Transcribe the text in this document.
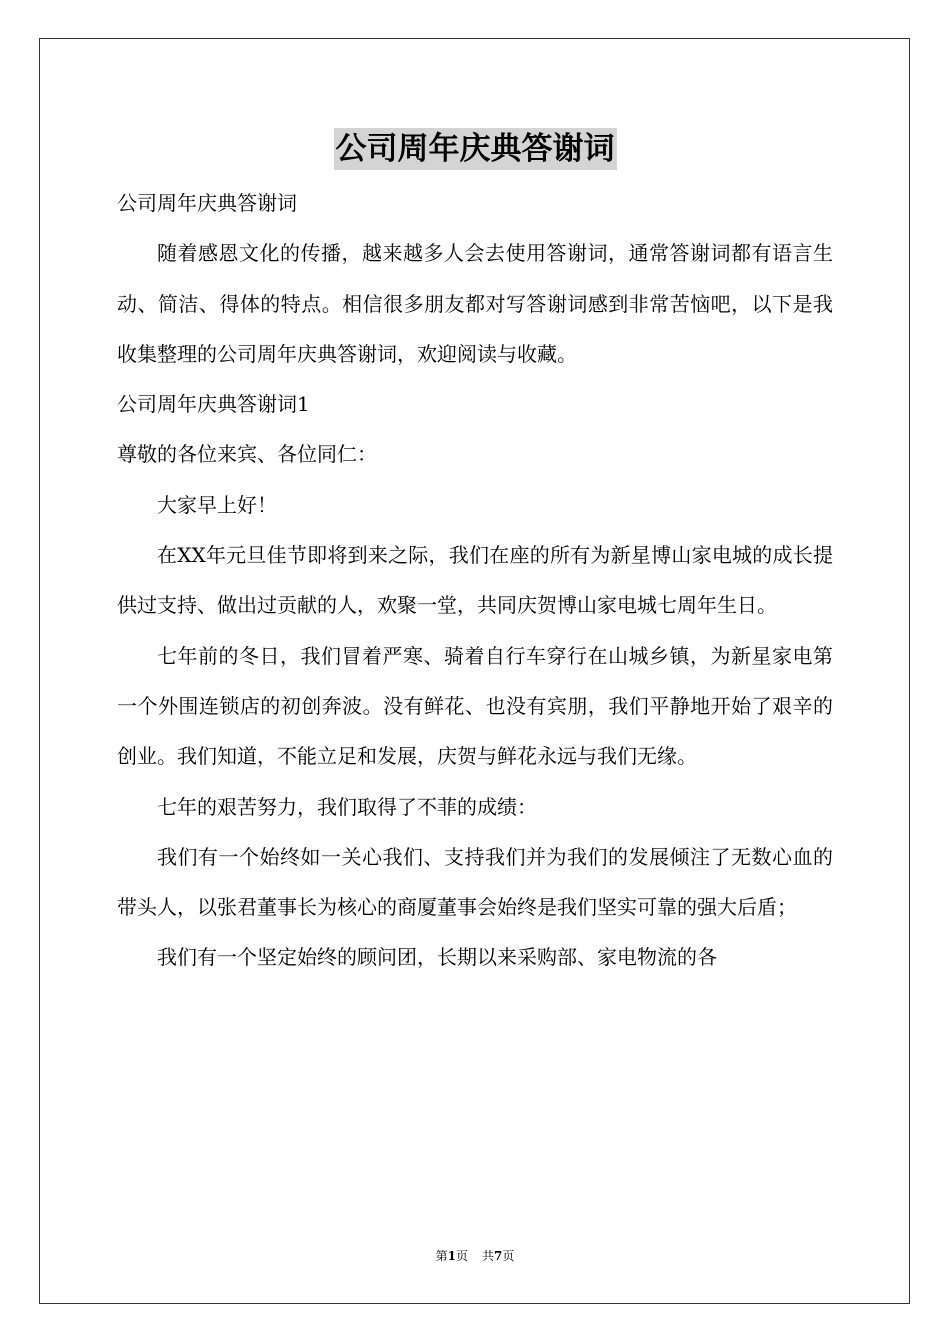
公司周年庆典答谢词

公司周年庆典答谢词

随着感恩文化的传播，越来越多人会去使用答谢词，通常答谢词都有语言生动、简洁、得体的特点。相信很多朋友都对写答谢词感到非常苦恼吧，以下是我收集整理的公司周年庆典答谢词，欢迎阅读与收藏。

公司周年庆典答谢词1

尊敬的各位来宾、各位同仁：

大家早上好！

在XX年元旦佳节即将到来之际，我们在座的所有为新星博山家电城的成长提供过支持、做出过贡献的人，欢聚一堂，共同庆贺博山家电城七周年生日。

七年前的冬日，我们冒着严寒、骑着自行车穿行在山城乡镇，为新星家电第一个外围连锁店的初创奔波。没有鲜花、也没有宾朋，我们平静地开始了艰辛的创业。我们知道，不能立足和发展，庆贺与鲜花永远与我们无缘。

七年的艰苦努力，我们取得了不菲的成绩：

我们有一个始终如一关心我们、支持我们并为我们的发展倾注了无数心血的带头人，以张君董事长为核心的商厦董事会始终是我们坚实可靠的强大后盾；

我们有一个坚定始终的顾问团，长期以来采购部、家电物流的各

第1页 共7页
